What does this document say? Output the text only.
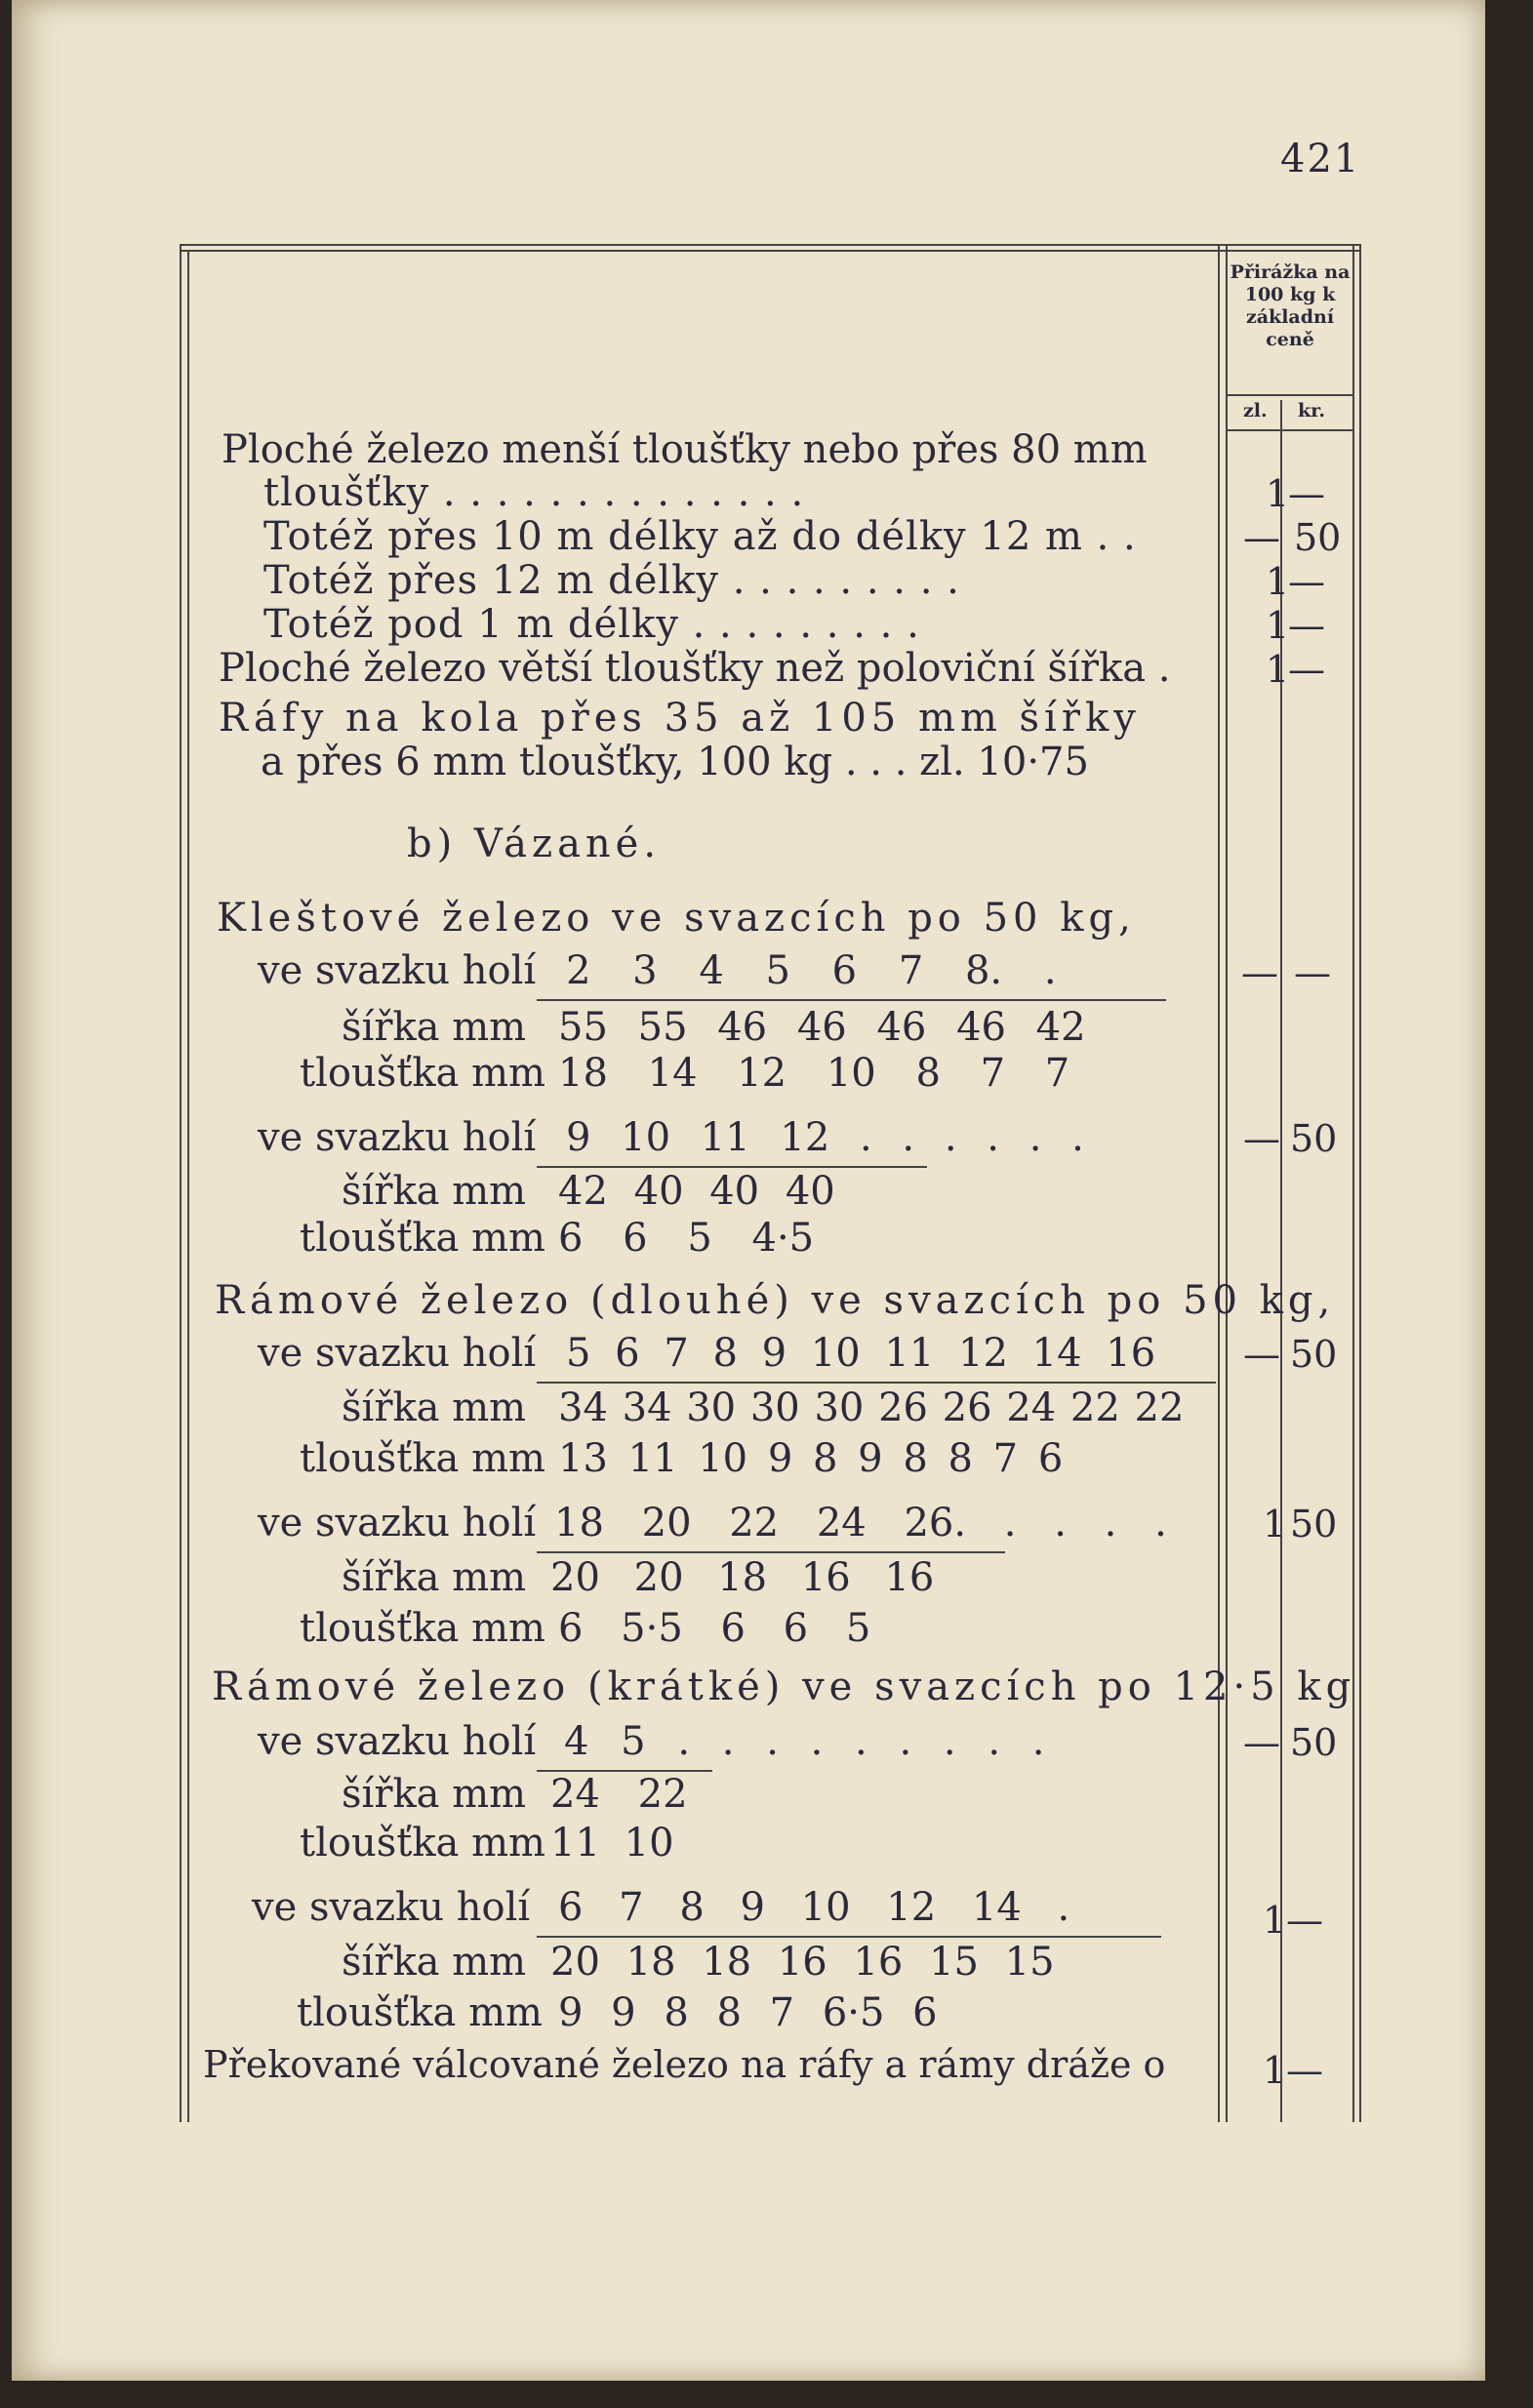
421
Přirážka na 100 kg k základní ceně
zl. kr.
Ploché železo menší tloušťky nebo přes 80 mm
tloušťky . . . . . . . . . . . . . .
Totéž přes 10 m délky až do délky 12 m . .
Totéž přes 12 m délky . . . . . . . . .
Totéž pod 1 m délky . . . . . . . . .
Ploché železo větší tloušťky než poloviční šířka .
Ráfy na kola přes 35 až 105 mm šířky
a přes 6 mm tloušťky, 100 kg . . . zl. 10·75
1
—
— 50
1
—
1
—
1
—
b) Vázané.
Kleštové železo ve svazcích po 50 kg,
ve svazku holí 2 3 4 5 6 7 8. .
šířka mm 55 55 46 46 46 46 42
tloušťka mm 18 14 12 10 8 7 7
— —
ve svazku holí 9 10 11 12 . . . . . .
šířka mm 42 40 40 40
tloušťka mm 6 6 5 4·5
— 50
Rámové železo (dlouhé) ve svazcích po 50 kg,
ve svazku holí 5 6 7 8 9 10 11 12 14 16
šířka mm 34 34 30 30 30 26 26 24 22 22
tloušťka mm 13 11 10 9 8 9 8 8 7 6
— 50
ve svazku holí 18 20 22 24 26. . . . .
šířka mm 20 20 18 16 16
tloušťka mm 6 5·5 6 6 5
1 50
Rámové železo (krátké) ve svazcích po 12·5 kg
ve svazku holí 4 5 . . . . . . . . .
šířka mm 24 22
tloušťka mm 11 10
— 50
ve svazku holí 6 7 8 9 10 12 14 .
šířka mm 20 18 18 16 16 15 15
tloušťka mm 9 9 8 8 7 6·5 6
1 —
Překované válcované železo na ráfy a rámy dráže o	1 —
